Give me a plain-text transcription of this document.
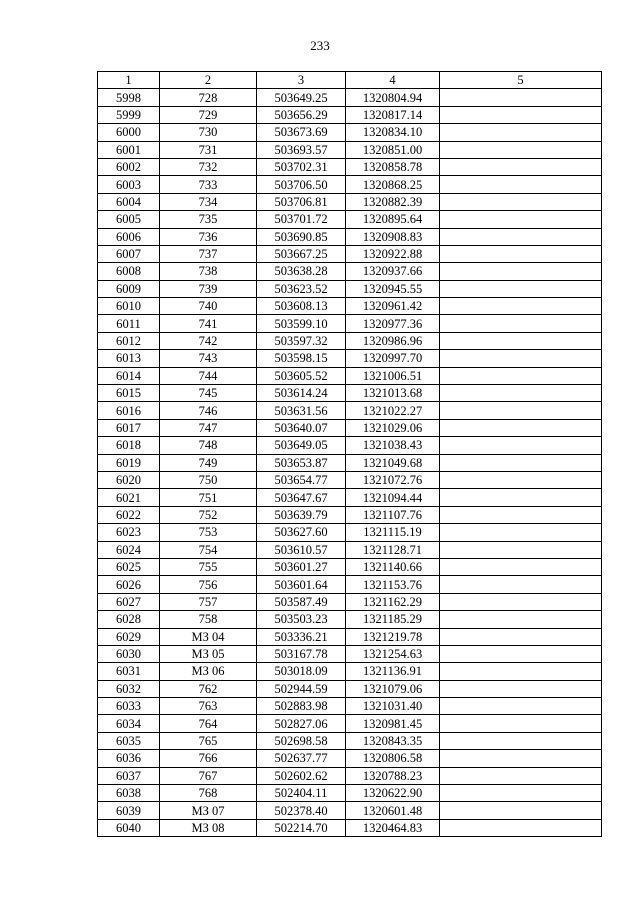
233
1	2	3	4	5
5998	728	503649.25	1320804.94	
5999	729	503656.29	1320817.14	
6000	730	503673.69	1320834.10	
6001	731	503693.57	1320851.00	
6002	732	503702.31	1320858.78	
6003	733	503706.50	1320868.25	
6004	734	503706.81	1320882.39	
6005	735	503701.72	1320895.64	
6006	736	503690.85	1320908.83	
6007	737	503667.25	1320922.88	
6008	738	503638.28	1320937.66	
6009	739	503623.52	1320945.55	
6010	740	503608.13	1320961.42	
6011	741	503599.10	1320977.36	
6012	742	503597.32	1320986.96	
6013	743	503598.15	1320997.70	
6014	744	503605.52	1321006.51	
6015	745	503614.24	1321013.68	
6016	746	503631.56	1321022.27	
6017	747	503640.07	1321029.06	
6018	748	503649.05	1321038.43	
6019	749	503653.87	1321049.68	
6020	750	503654.77	1321072.76	
6021	751	503647.67	1321094.44	
6022	752	503639.79	1321107.76	
6023	753	503627.60	1321115.19	
6024	754	503610.57	1321128.71	
6025	755	503601.27	1321140.66	
6026	756	503601.64	1321153.76	
6027	757	503587.49	1321162.29	
6028	758	503503.23	1321185.29	
6029	МЗ 04	503336.21	1321219.78	
6030	МЗ 05	503167.78	1321254.63	
6031	МЗ 06	503018.09	1321136.91	
6032	762	502944.59	1321079.06	
6033	763	502883.98	1321031.40	
6034	764	502827.06	1320981.45	
6035	765	502698.58	1320843.35	
6036	766	502637.77	1320806.58	
6037	767	502602.62	1320788.23	
6038	768	502404.11	1320622.90	
6039	МЗ 07	502378.40	1320601.48	
6040	МЗ 08	502214.70	1320464.83	
